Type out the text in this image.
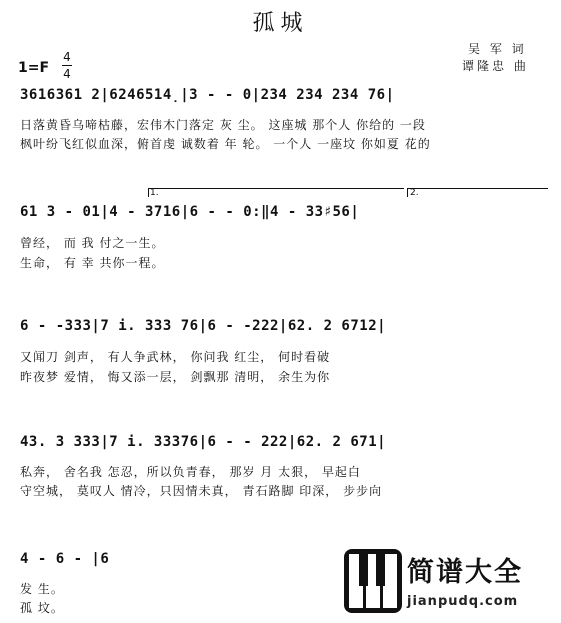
孤城
吴 军 词
谭隆忠 曲
1=F
4
4
3616361 2|6246514̣|3 - - 0|234 234 234 76|
日落黄昏乌啼枯藤，宏伟木门落定 灰 尘。 这座城 那个人 你给的 一段
枫叶纷飞红似血深，俯首虔 诚数着 年 轮。 一个人 一座坟 你如夏 花的
1.	2.
61 3 - 01|4 - 3716|6 - - 0:‖4 - 33♯56|
曾经， 而 我 付之一生。
生命， 有 幸 共你一程。
6 - -333|7 i. 333 76|6 - -222|62. 2 6712|
又闻刀 剑声， 有人争武林， 你问我 红尘， 何时看破
昨夜梦 爱情， 悔又添一层， 剑飘那 清明， 余生为你
43. 3 333|7 i. 33376|6 - - 222|62. 2 671|
私奔， 舍名我 怎忍，所以负青春， 那岁 月 太狠， 早起白
守空城， 莫叹人 情冷，只因情未真， 青石路脚 印深， 步步向
4 - 6 - |6
发 生。
孤 坟。
简谱大全
jianpudq.com
